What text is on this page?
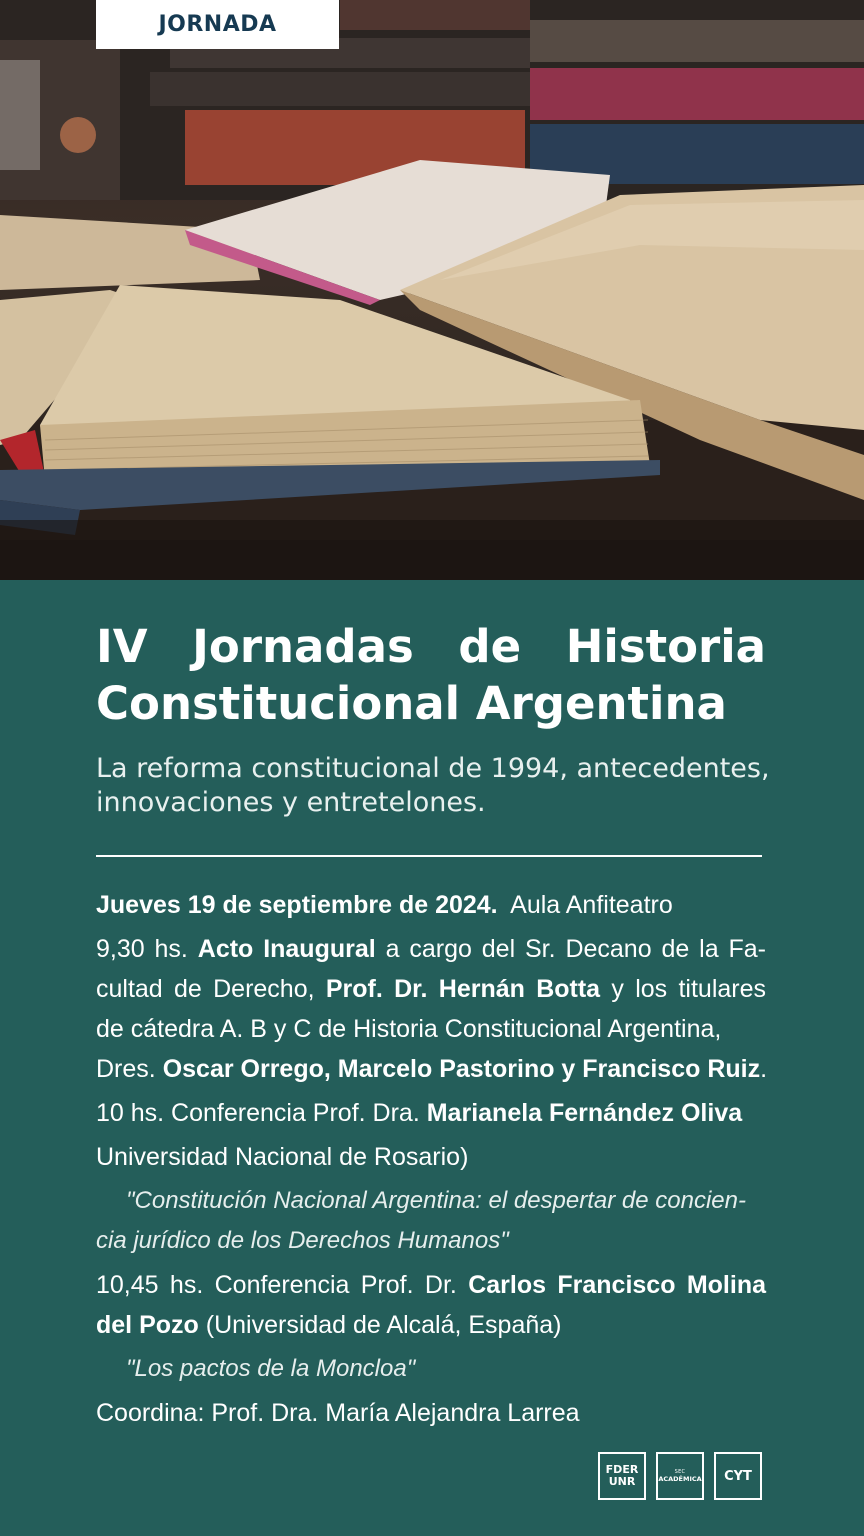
JORNADA
IV Jornadas de Historia
Constitucional Argentina

La reforma constitucional de 1994, antecedentes, innovaciones y entretelones.

Jueves 19 de septiembre de 2024. Aula Anfiteatro
9,30 hs. Acto Inaugural a cargo del Sr. Decano de la Fa-
cultad de Derecho, Prof. Dr. Hernán Botta y los titulares
de cátedra A. B y C de Historia Constitucional Argentina,
Dres. Oscar Orrego, Marcelo Pastorino y Francisco Ruiz.
10 hs. Conferencia Prof. Dra. Marianela Fernández Oliva
Universidad Nacional de Rosario)
"Constitución Nacional Argentina: el despertar de concien-
cia jurídico de los Derechos Humanos"
10,45 hs. Conferencia Prof. Dr. Carlos Francisco Molina
del Pozo (Universidad de Alcalá, España)
"Los pactos de la Moncloa"
Coordina: Prof. Dra. María Alejandra Larrea
FDER
UNR
SEC
ACADÉMICA CYT
